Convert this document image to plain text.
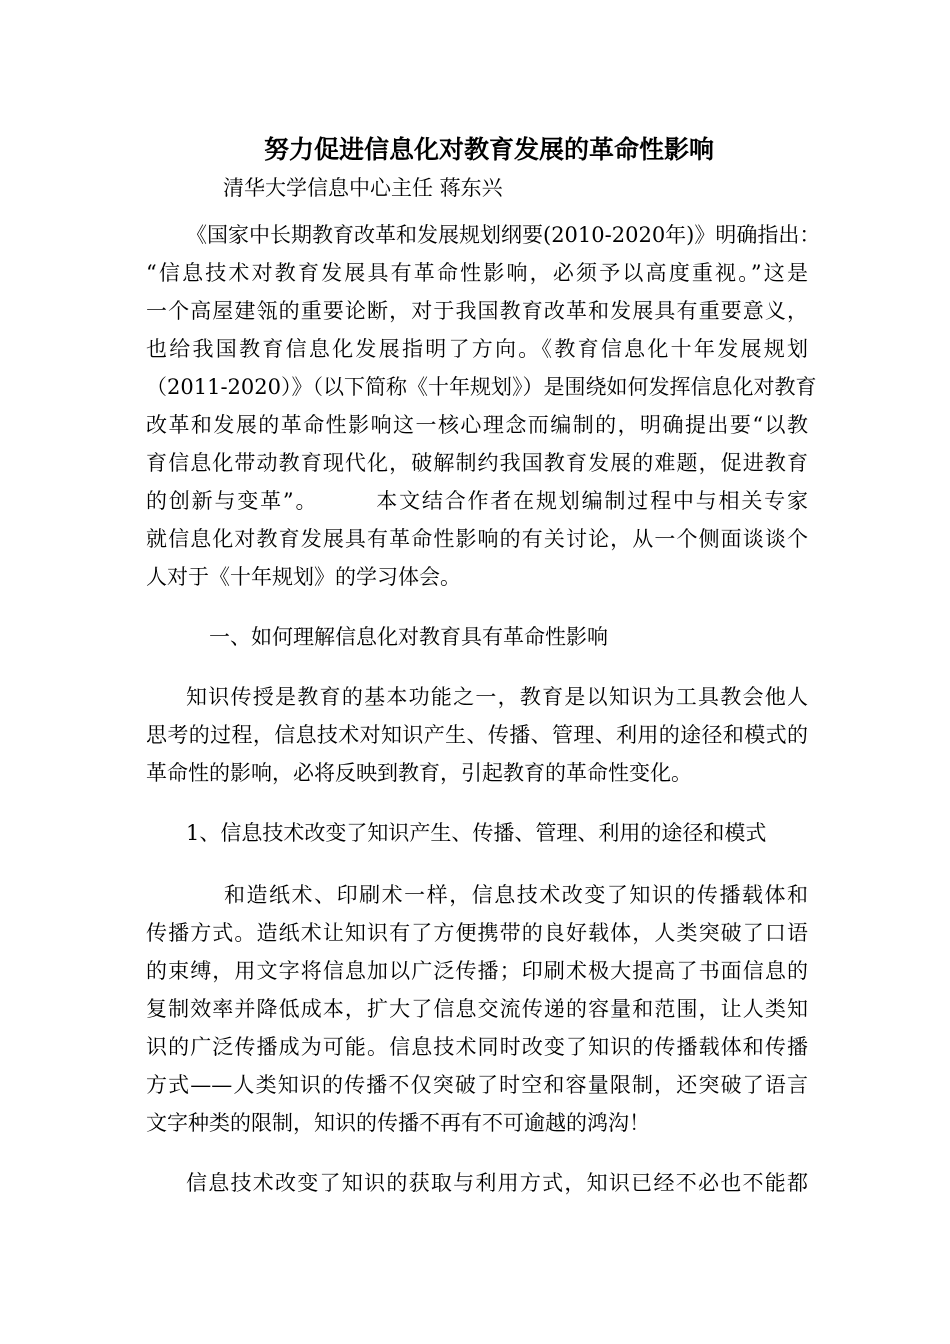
努力促进信息化对教育发展的革命性影响
清华大学信息中心主任 蒋东兴
《国家中长期教育改革和发展规划纲要(2010-2020年)》明确指出：
“信息技术对教育发展具有革命性影响，必须予以高度重视。”这是
一个高屋建瓴的重要论断，对于我国教育改革和发展具有重要意义，
也给我国教育信息化发展指明了方向。《教育信息化十年发展规划
（2011-2020）》（以下简称《十年规划》）是围绕如何发挥信息化对教育
改革和发展的革命性影响这一核心理念而编制的，明确提出要“以教
育信息化带动教育现代化，破解制约我国教育发展的难题，促进教育
的创新与变革”。　　　本文结合作者在规划编制过程中与相关专家
就信息化对教育发展具有革命性影响的有关讨论，从一个侧面谈谈个
人对于《十年规划》的学习体会。
一、如何理解信息化对教育具有革命性影响
知识传授是教育的基本功能之一，教育是以知识为工具教会他人
思考的过程，信息技术对知识产生、传播、管理、利用的途径和模式的
革命性的影响，必将反映到教育，引起教育的革命性变化。
1、信息技术改变了知识产生、传播、管理、利用的途径和模式
和造纸术、印刷术一样，信息技术改变了知识的传播载体和
传播方式。造纸术让知识有了方便携带的良好载体，人类突破了口语
的束缚，用文字将信息加以广泛传播；印刷术极大提高了书面信息的
复制效率并降低成本，扩大了信息交流传递的容量和范围，让人类知
识的广泛传播成为可能。信息技术同时改变了知识的传播载体和传播
方式——人类知识的传播不仅突破了时空和容量限制，还突破了语言
文字种类的限制，知识的传播不再有不可逾越的鸿沟！
信息技术改变了知识的获取与利用方式，知识已经不必也不能都
